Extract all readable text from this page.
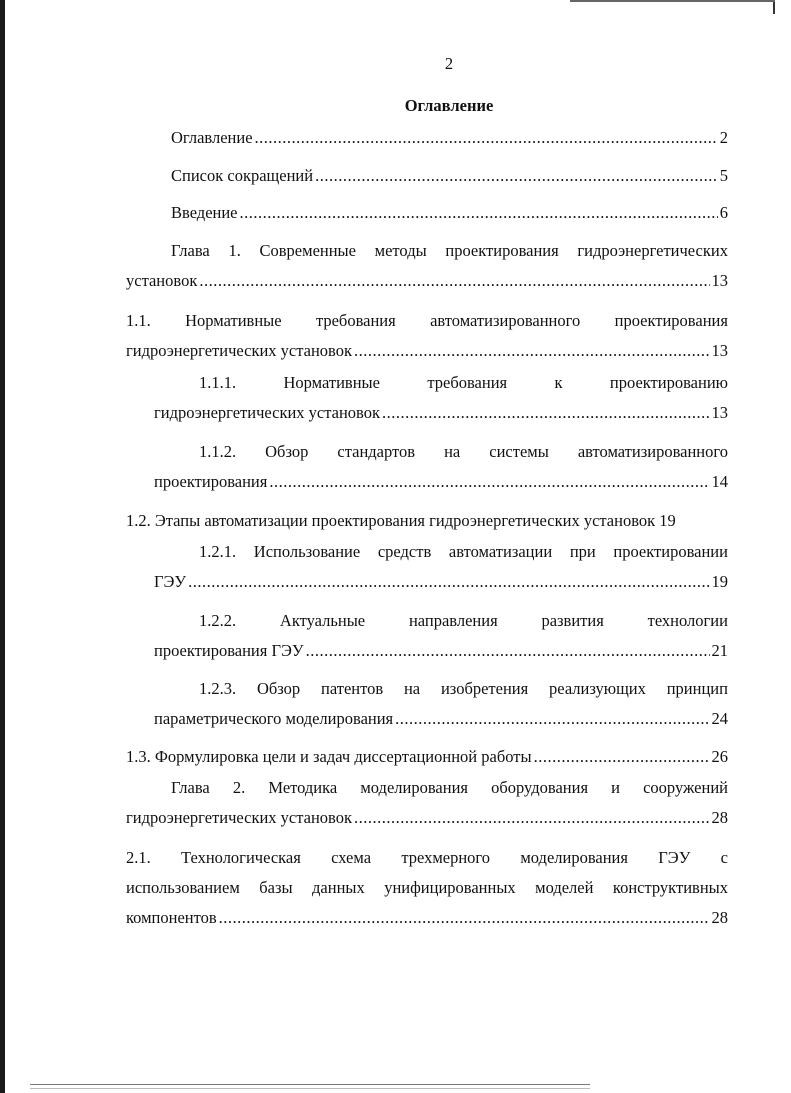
2
Оглавление
Оглавление .....	2
Список сокращений .....	5
Введение .....	6
Глава 1. Современные методы проектирования гидроэнергетических
установок .....	13
1.1. Нормативные требования автоматизированного проектирования
гидроэнергетических установок .....	13
1.1.1.	Нормативные	требования	к	проектированию
гидроэнергетических установок .....	13
1.1.2. Обзор стандартов на системы автоматизированного
проектирования .....	14
1.2. Этапы автоматизации проектирования гидроэнергетических установок 19
1.2.1. Использование средств автоматизации при проектировании
ГЭУ .....	19
1.2.2.	Актуальные	направления	развития	технологии
проектирования ГЭУ .....	21
1.2.3. Обзор патентов на изобретения реализующих принцип
параметрического моделирования .....	24
1.3. Формулировка цели и задач диссертационной работы .....	26
Глава 2. Методика моделирования оборудования и сооружений
гидроэнергетических установок .....	28
2.1. Технологическая схема трехмерного моделирования ГЭУ с
использованием базы данных унифицированных моделей конструктивных
компонентов .....	28
